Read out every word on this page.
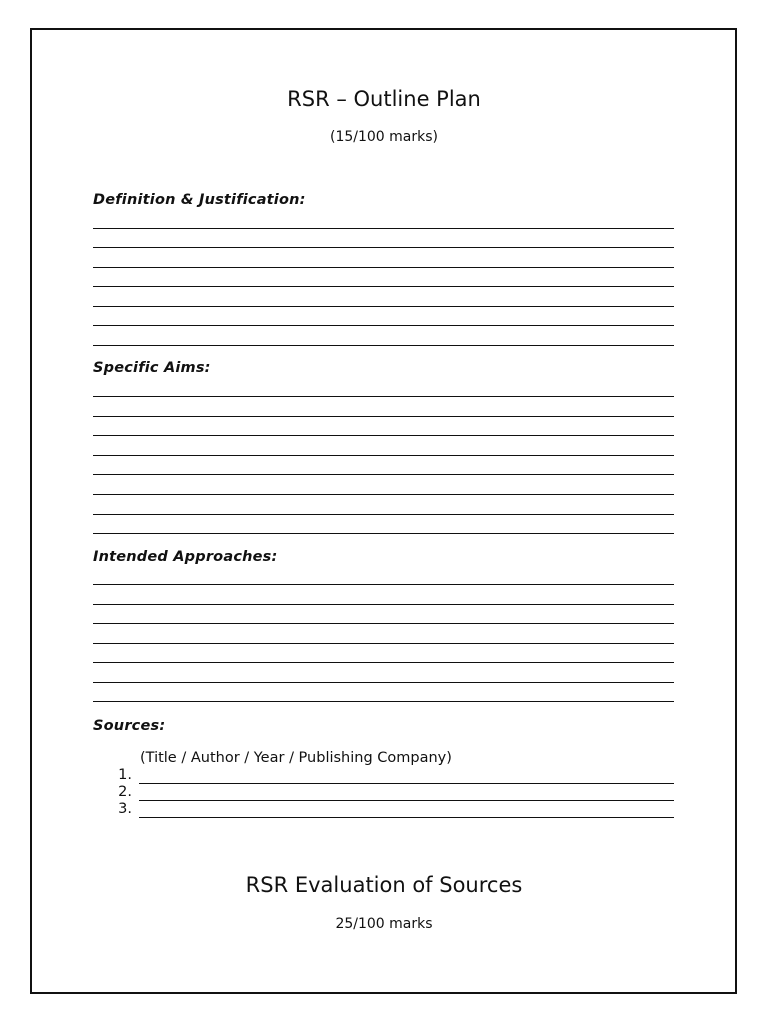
RSR – Outline Plan
(15/100 marks)
Definition & Justification:
Specific Aims:
Intended Approaches:
Sources:
(Title / Author / Year / Publishing Company)
1.
2.
3.
RSR Evaluation of Sources
25/100 marks
